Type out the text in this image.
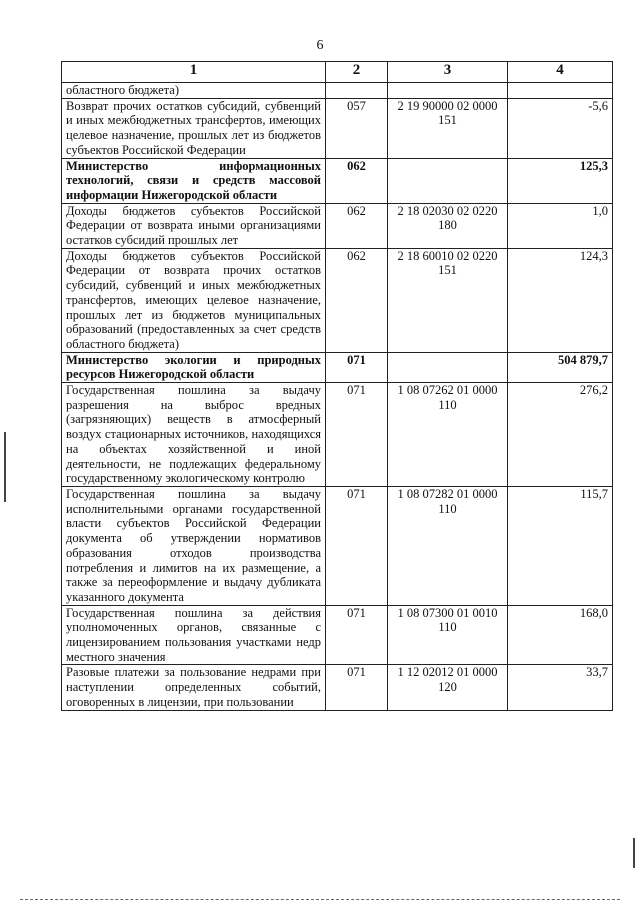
6
1	2	3	4
областного бюджета)			
Возврат прочих остатков субсидий, субвенций и иных межбюджетных трансфертов, имеющих целевое назначение, прошлых лет из бюджетов субъектов Российской Федерации	057	2 19 90000 02 0000 151	-5,6
Министерство информационных технологий, связи и средств массовой информации Нижегородской области	062		125,3
Доходы бюджетов субъектов Российской Федерации от возврата иными организациями остатков субсидий прошлых лет	062	2 18 02030 02 0220 180	1,0
Доходы бюджетов субъектов Российской Федерации от возврата прочих остатков субсидий, субвенций и иных межбюджетных трансфертов, имеющих целевое назначение, прошлых лет из бюджетов муниципальных образований (предоставленных за счет средств областного бюджета)	062	2 18 60010 02 0220 151	124,3
Министерство экологии и природных ресурсов Нижегородской области	071		504 879,7
Государственная пошлина за выдачу разрешения на выброс вредных (загрязняющих) веществ в атмосферный воздух стационарных источников, находящихся на объектах хозяйственной и иной деятельности, не подлежащих федеральному государственному экологическому контролю	071	1 08 07262 01 0000 110	276,2
Государственная пошлина за выдачу исполнительными органами государственной власти субъектов Российской Федерации документа об утверждении нормативов образования отходов производства потребления и лимитов на их размещение, а также за переоформление и выдачу дубликата указанного документа	071	1 08 07282 01 0000 110	115,7
Государственная пошлина за действия уполномоченных органов, связанные с лицензированием пользования участками недр местного значения	071	1 08 07300 01 0010 110	168,0
Разовые платежи за пользование недрами при наступлении определенных событий, оговоренных в лицензии, при пользовании	071	1 12 02012 01 0000 120	33,7
